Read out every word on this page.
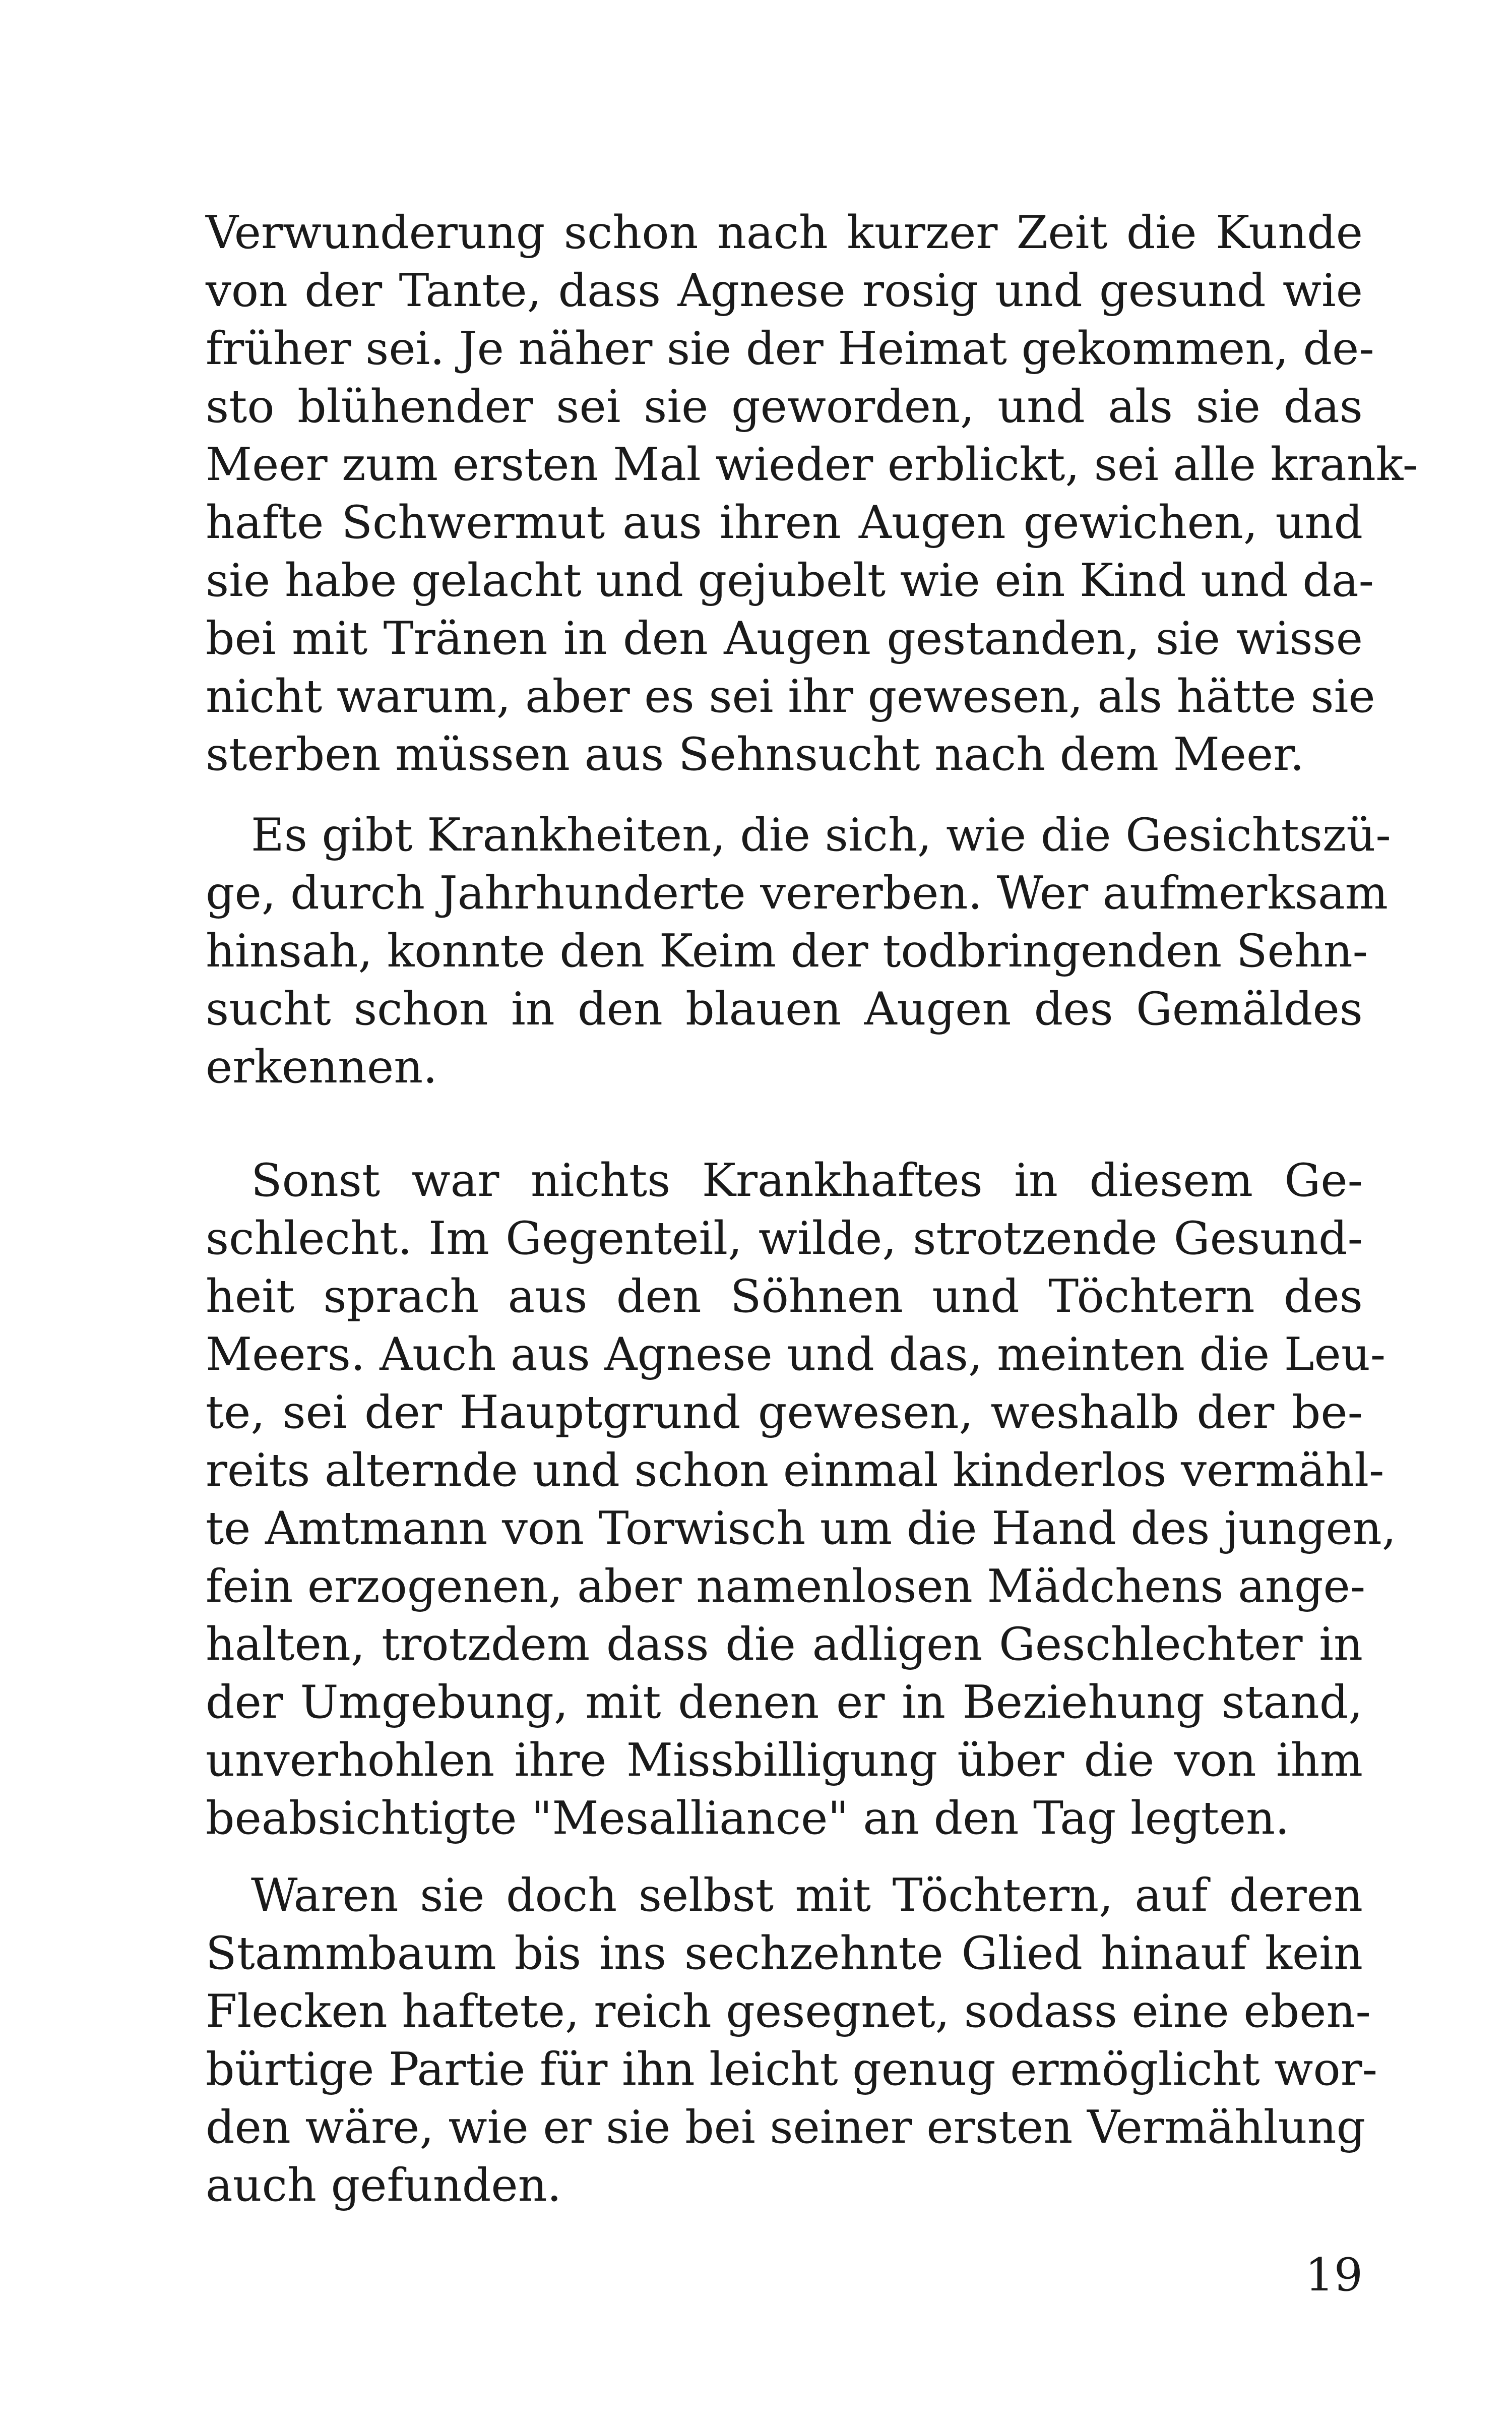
Verwunderung schon nach kurzer Zeit die Kunde
von der Tante, dass Agnese rosig und gesund wie
früher sei. Je näher sie der Heimat gekommen, de-
sto blühender sei sie geworden, und als sie das
Meer zum ersten Mal wieder erblickt, sei alle krank-
hafte Schwermut aus ihren Augen gewichen, und
sie habe gelacht und gejubelt wie ein Kind und da-
bei mit Tränen in den Augen gestanden, sie wisse
nicht warum, aber es sei ihr gewesen, als hätte sie
sterben müssen aus Sehnsucht nach dem Meer.
Es gibt Krankheiten, die sich, wie die Gesichtszü-
ge, durch Jahrhunderte vererben. Wer aufmerksam
hinsah, konnte den Keim der todbringenden Sehn-
sucht schon in den blauen Augen des Gemäldes
erkennen.
Sonst war nichts Krankhaftes in diesem Ge-
schlecht. Im Gegenteil, wilde, strotzende Gesund-
heit sprach aus den Söhnen und Töchtern des
Meers. Auch aus Agnese und das, meinten die Leu-
te, sei der Hauptgrund gewesen, weshalb der be-
reits alternde und schon einmal kinderlos vermähl-
te Amtmann von Torwisch um die Hand des jungen,
fein erzogenen, aber namenlosen Mädchens ange-
halten, trotzdem dass die adligen Geschlechter in
der Umgebung, mit denen er in Beziehung stand,
unverhohlen ihre Missbilligung über die von ihm
beabsichtigte "Mesalliance" an den Tag legten.
Waren sie doch selbst mit Töchtern, auf deren
Stammbaum bis ins sechzehnte Glied hinauf kein
Flecken haftete, reich gesegnet, sodass eine eben-
bürtige Partie für ihn leicht genug ermöglicht wor-
den wäre, wie er sie bei seiner ersten Vermählung
auch gefunden.
19
